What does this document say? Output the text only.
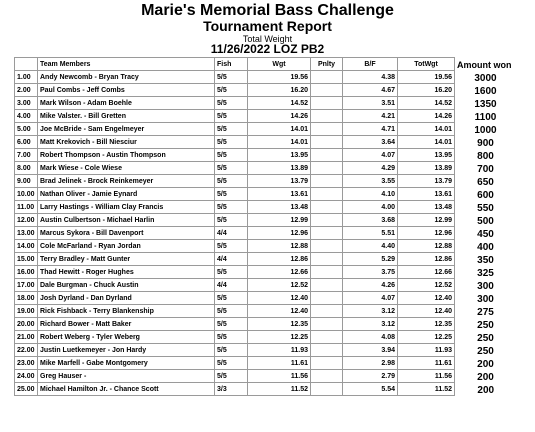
Marie's Memorial Bass Challenge
Tournament Report
Total Weight
11/26/2022 LOZ PB2
	Team Members	Fish	Wgt	Pnlty	B/F	TotWgt	Amount won
1.00	Andy Newcomb - Bryan Tracy	5/5	19.56		4.38	19.56	3000
2.00	Paul Combs - Jeff Combs	5/5	16.20		4.67	16.20	1600
3.00	Mark Wilson - Adam Boehle	5/5	14.52		3.51	14.52	1350
4.00	Mike Valster. - Bill Gretten	5/5	14.26		4.21	14.26	1100
5.00	Joe McBride - Sam Engelmeyer	5/5	14.01		4.71	14.01	1000
6.00	Matt Krekovich - Bill Niesciur	5/5	14.01		3.64	14.01	900
7.00	Robert Thompson - Austin Thompson	5/5	13.95		4.07	13.95	800
8.00	Mark Wiese - Cole Wiese	5/5	13.89		4.29	13.89	700
9.00	Brad Jelinek - Brock Reinkemeyer	5/5	13.79		3.55	13.79	650
10.00	Nathan Oliver - Jamie Eynard	5/5	13.61		4.10	13.61	600
11.00	Larry Hastings - William Clay Francis	5/5	13.48		4.00	13.48	550
12.00	Austin Culbertson - Michael Harlin	5/5	12.99		3.68	12.99	500
13.00	Marcus Sykora - Bill Davenport	4/4	12.96		5.51	12.96	450
14.00	Cole McFarland - Ryan Jordan	5/5	12.88		4.40	12.88	400
15.00	Terry Bradley - Matt Gunter	4/4	12.86		5.29	12.86	350
16.00	Thad Hewitt - Roger Hughes	5/5	12.66		3.75	12.66	325
17.00	Dale Burgman - Chuck Austin	4/4	12.52		4.26	12.52	300
18.00	Josh Dyrland - Dan Dyrland	5/5	12.40		4.07	12.40	300
19.00	Rick Fishback - Terry Blankenship	5/5	12.40		3.12	12.40	275
20.00	Richard Bower - Matt Baker	5/5	12.35		3.12	12.35	250
21.00	Robert Weberg - Tyler Weberg	5/5	12.25		4.08	12.25	250
22.00	Justin Luetkemeyer - Jon Hardy	5/5	11.93		3.94	11.93	250
23.00	Mike Marfell - Gabe Montgomery	5/5	11.61		2.98	11.61	200
24.00	Greg Hauser -	5/5	11.56		2.79	11.56	200
25.00	Michael Hamilton Jr. - Chance Scott	3/3	11.52		5.54	11.52	200
